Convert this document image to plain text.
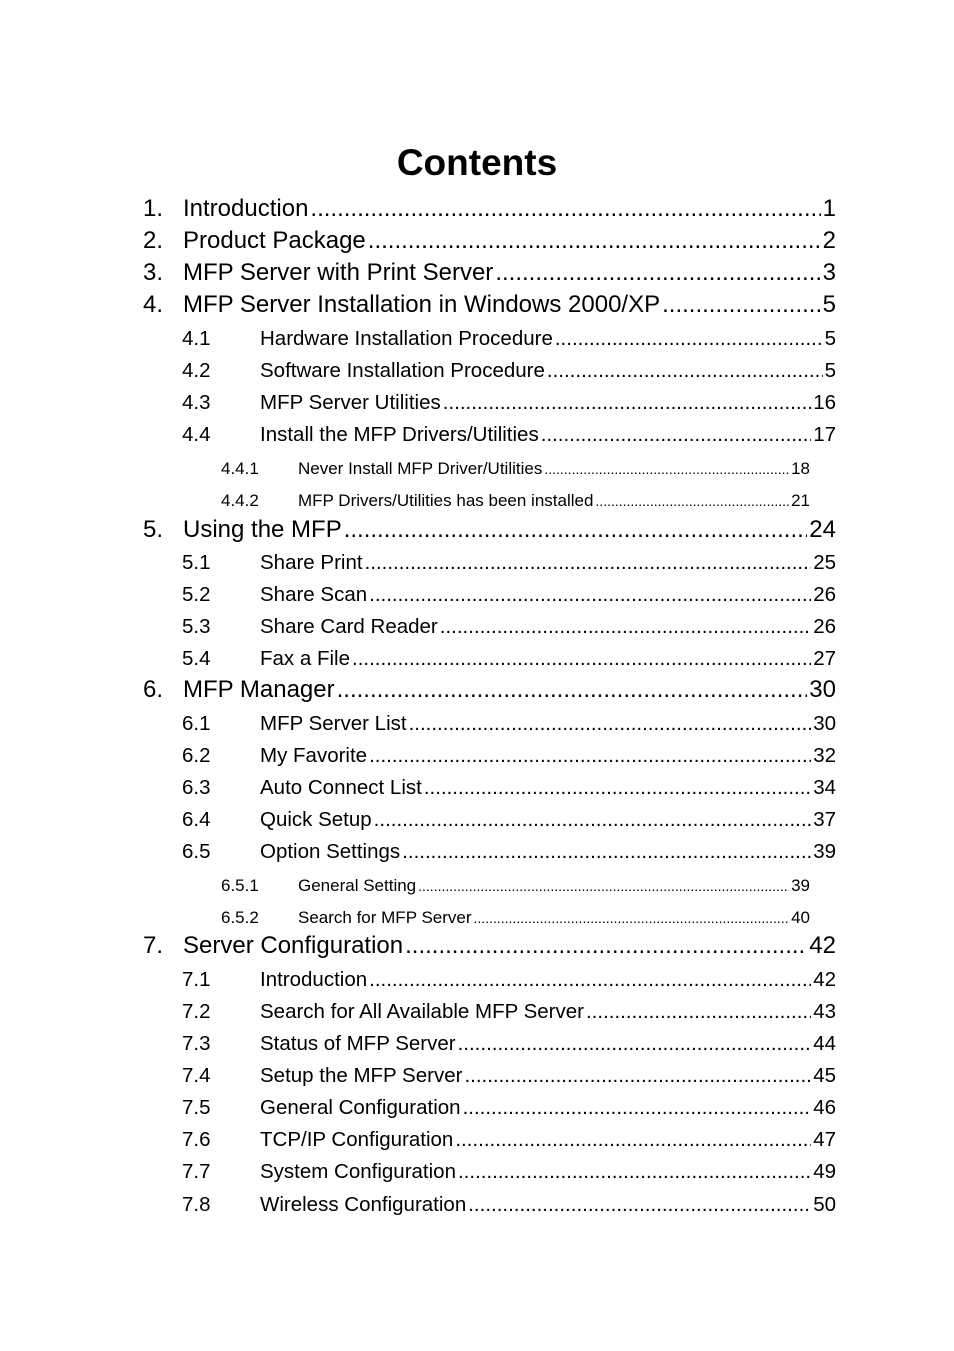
Contents
1. Introduction .....	1
2. Product Package .....	2
3. MFP Server with Print Server .....	3
4. MFP Server Installation in Windows 2000/XP .....	5
4.1	Hardware Installation Procedure .....	5
4.2	Software Installation Procedure .....	5
4.3	MFP Server Utilities .....	16
4.4	Install the MFP Drivers/Utilities .....	17
4.4.1	Never Install MFP Driver/Utilities .....	18
4.4.2	MFP Drivers/Utilities has been installed .....	21
5. Using the MFP .....	24
5.1	Share Print .....	25
5.2	Share Scan .....	26
5.3	Share Card Reader .....	26
5.4	Fax a File .....	27
6. MFP Manager .....	30
6.1	MFP Server List .....	30
6.2	My Favorite .....	32
6.3	Auto Connect List .....	34
6.4	Quick Setup .....	37
6.5	Option Settings .....	39
6.5.1	General Setting .....	39
6.5.2	Search for MFP Server .....	40
7. Server Configuration .....	42
7.1	Introduction .....	42
7.2	Search for All Available MFP Server .....	43
7.3	Status of MFP Server .....	44
7.4	Setup the MFP Server .....	45
7.5	General Configuration .....	46
7.6	TCP/IP Configuration .....	47
7.7	System Configuration .....	49
7.8	Wireless Configuration .....	50
